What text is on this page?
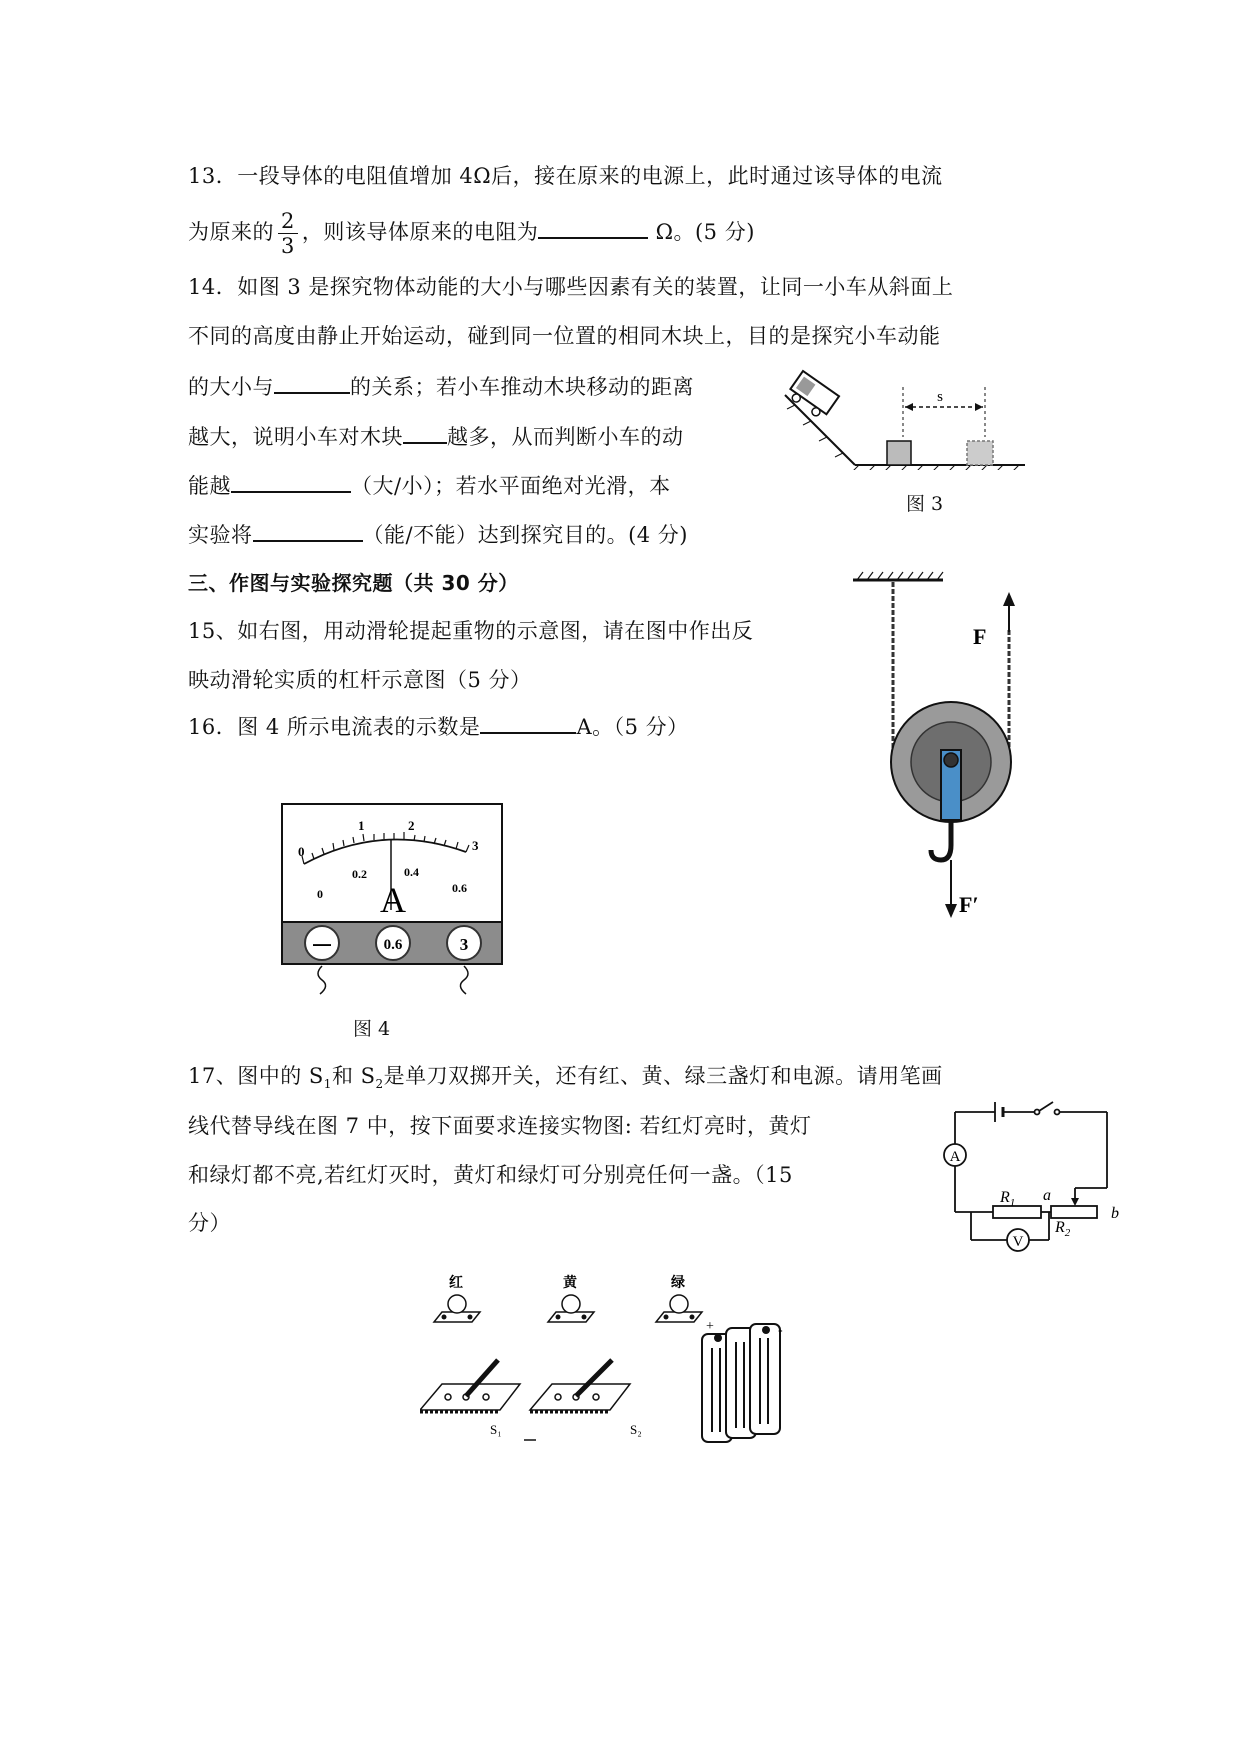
13．一段导体的电阻值增加 4Ω后，接在原来的电源上，此时通过该导体的电流
为原来的 $\frac{2}{3}$ ，则该导体原来的电阻为	Ω。(5 分)
14．如图 3 是探究物体动能的大小与哪些因素有关的装置，让同一小车从斜面上
不同的高度由静止开始运动，碰到同一位置的相同木块上，目的是探究小车动能
的大小与	的关系；若小车推动木块移动的距离
越大，说明小车对木块 越多，从而判断小车的动
能越	（大/小）；若水平面绝对光滑，本
实验将	（能/不能）达到探究目的。(4 分)
s
图 3
三、作图与实验探究题（共 30 分）
15、如右图，用动滑轮提起重物的示意图，请在图中作出反
映动滑轮实质的杠杆示意图（5 分）
F
F′
16．图 4 所示电流表的示数是	A。（5 分）
0
1	2
3
0
0.2	0.4
0.6
A
—	0.6	3
图 4
17、图中的 $S_1$和 $S_2$是单刀双掷开关，还有红、黄、绿三盏灯和电源。请用笔画
线代替导线在图 7 中，按下面要求连接实物图: 若红灯亮时，黄灯
和绿灯都不亮,若红灯灭时，黄灯和绿灯可分别亮任何一盏。（15
分）
A
V
$R_1$
$R_2$
a
b
红	黄	绿
S₁	S₂
+	-
